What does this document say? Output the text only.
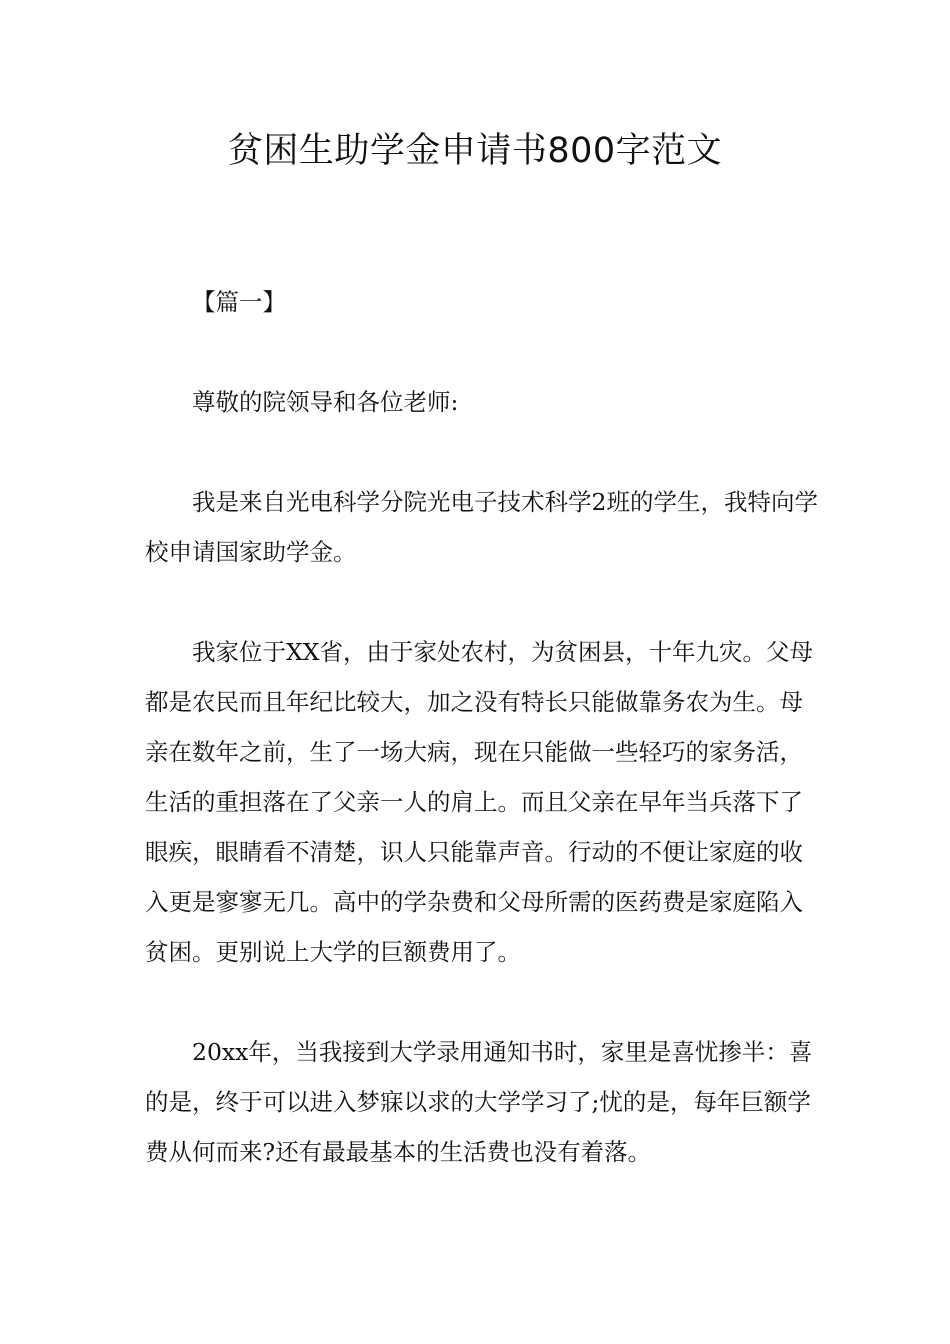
贫困生助学金申请书800字范文

【篇一】

尊敬的院领导和各位老师:

我是来自光电科学分院光电子技术科学2班的学生，我特向学校申请国家助学金。

我家位于XX省，由于家处农村，为贫困县，十年九灾。父母都是农民而且年纪比较大，加之没有特长只能做靠务农为生。母亲在数年之前，生了一场大病，现在只能做一些轻巧的家务活，生活的重担落在了父亲一人的肩上。而且父亲在早年当兵落下了眼疾，眼睛看不清楚，识人只能靠声音。行动的不便让家庭的收入更是寥寥无几。高中的学杂费和父母所需的医药费是家庭陷入贫困。更别说上大学的巨额费用了。

20xx年，当我接到大学录用通知书时，家里是喜忧掺半：喜的是，终于可以进入梦寐以求的大学学习了;忧的是，每年巨额学费从何而来?还有最最基本的生活费也没有着落。
